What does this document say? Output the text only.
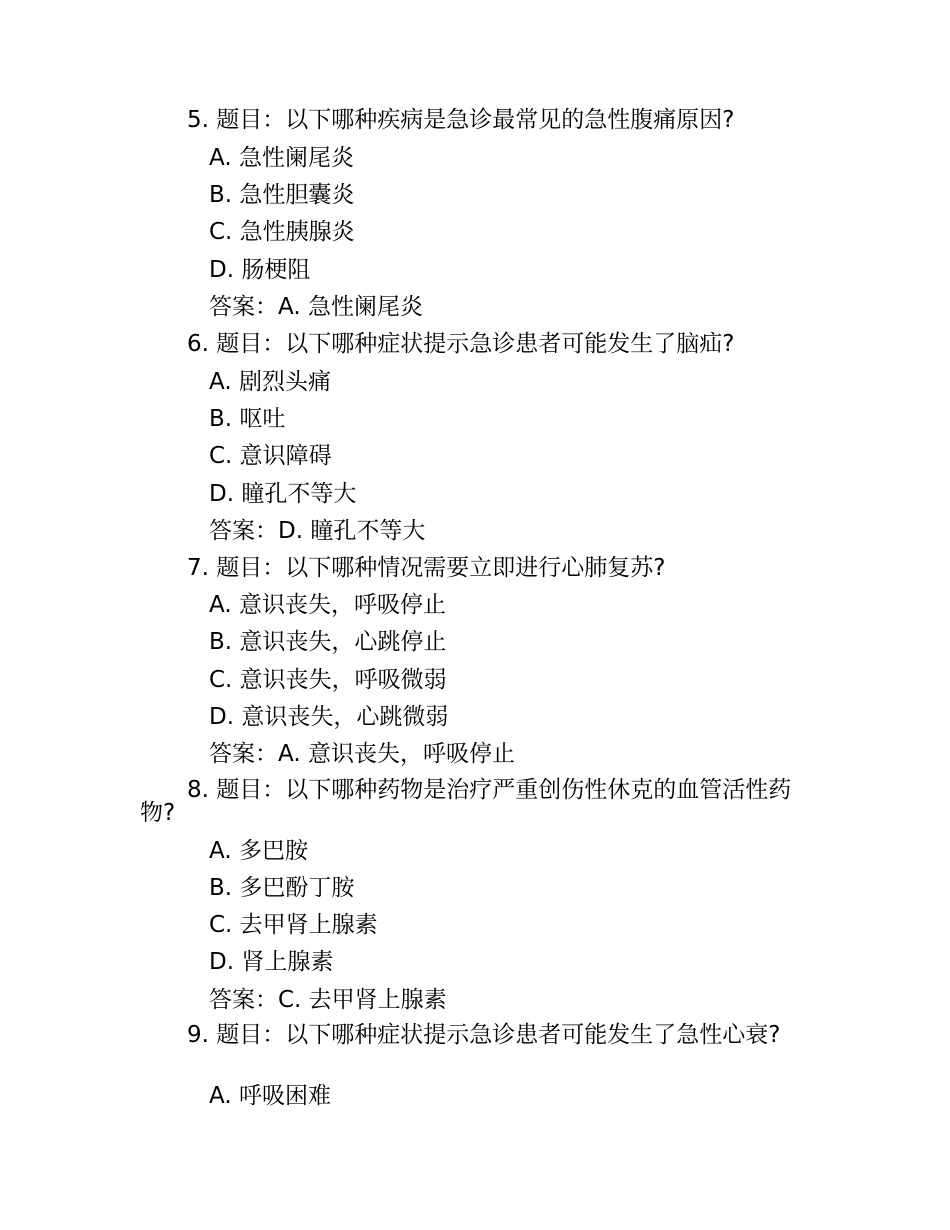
5. 题目：以下哪种疾病是急诊最常见的急性腹痛原因?
A. 急性阑尾炎
B. 急性胆囊炎
C. 急性胰腺炎
D. 肠梗阻
答案：A. 急性阑尾炎
6. 题目：以下哪种症状提示急诊患者可能发生了脑疝?
A. 剧烈头痛
B. 呕吐
C. 意识障碍
D. 瞳孔不等大
答案：D. 瞳孔不等大
7. 题目：以下哪种情况需要立即进行心肺复苏?
A. 意识丧失，呼吸停止
B. 意识丧失，心跳停止
C. 意识丧失，呼吸微弱
D. 意识丧失，心跳微弱
答案：A. 意识丧失，呼吸停止
8. 题目：以下哪种药物是治疗严重创伤性休克的血管活性药物?
A. 多巴胺
B. 多巴酚丁胺
C. 去甲肾上腺素
D. 肾上腺素
答案：C. 去甲肾上腺素
9. 题目：以下哪种症状提示急诊患者可能发生了急性心衰?
A. 呼吸困难
